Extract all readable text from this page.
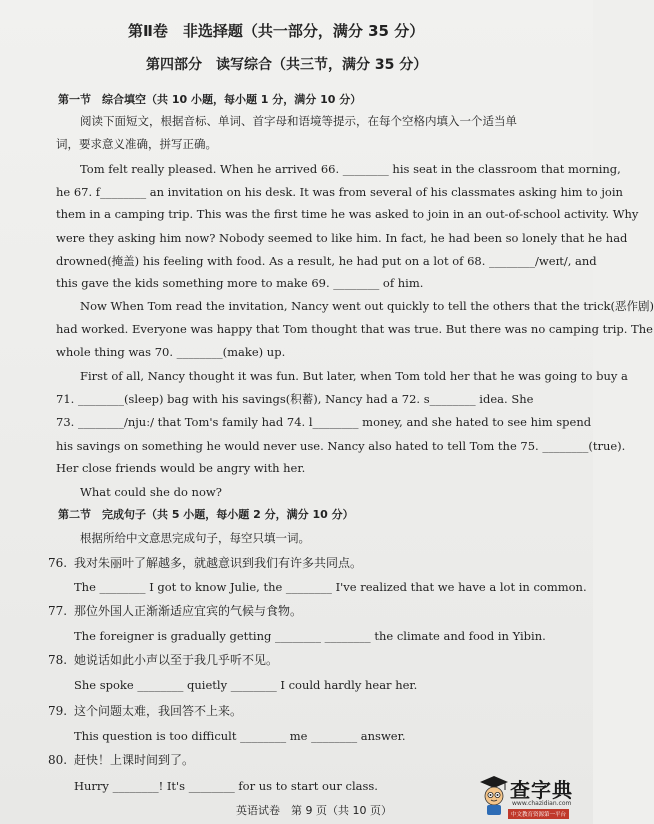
第Ⅱ卷　非选择题（共一部分，满分 35 分）
第四部分　读写综合（共三节，满分 35 分）
第一节　综合填空（共 10 小题，每小题 1 分，满分 10 分）
阅读下面短文，根据音标、单词、首字母和语境等提示，在每个空格内填入一个适当单
词，要求意义准确，拼写正确。
Tom felt really pleased. When he arrived 66. ________ his seat in the classroom that morning,
he 67. f________ an invitation on his desk. It was from several of his classmates asking him to join
them in a camping trip. This was the first time he was asked to join in an out-of-school activity. Why
were they asking him now? Nobody seemed to like him. In fact, he had been so lonely that he had
drowned(掩盖) his feeling with food. As a result, he had put on a lot of 68. ________/weɪt/, and
this gave the kids something more to make 69. ________ of him.
Now When Tom read the invitation, Nancy went out quickly to tell the others that the trick(恶作剧)
had worked. Everyone was happy that Tom thought that was true. But there was no camping trip. The
whole thing was 70. ________(make) up.
First of all, Nancy thought it was fun. But later, when Tom told her that he was going to buy a
71. ________(sleep) bag with his savings(积蓄), Nancy had a 72. s________ idea. She
73. ________/njuː/ that Tom's family had 74. l________ money, and she hated to see him spend
his savings on something he would never use. Nancy also hated to tell Tom the 75. ________(true).
Her close friends would be angry with her.
What could she do now?
第二节　完成句子（共 5 小题，每小题 2 分，满分 10 分）
根据所给中文意思完成句子，每空只填一词。
76. 我对朱丽叶了解越多，就越意识到我们有许多共同点。
The ________ I got to know Julie, the ________ I've realized that we have a lot in common.
77. 那位外国人正渐渐适应宜宾的气候与食物。
The foreigner is gradually getting ________ ________ the climate and food in Yibin.
78. 她说话如此小声以至于我几乎听不见。
She spoke ________ quietly ________ I could hardly hear her.
79. 这个问题太难，我回答不上来。
This question is too difficult ________ me ________ answer.
80. 赶快！上课时间到了。
Hurry ________! It's ________ for us to start our class.
英语试卷　第 9 页（共 10 页）
查字典
www.chazidian.com
中文教育资源第一平台
